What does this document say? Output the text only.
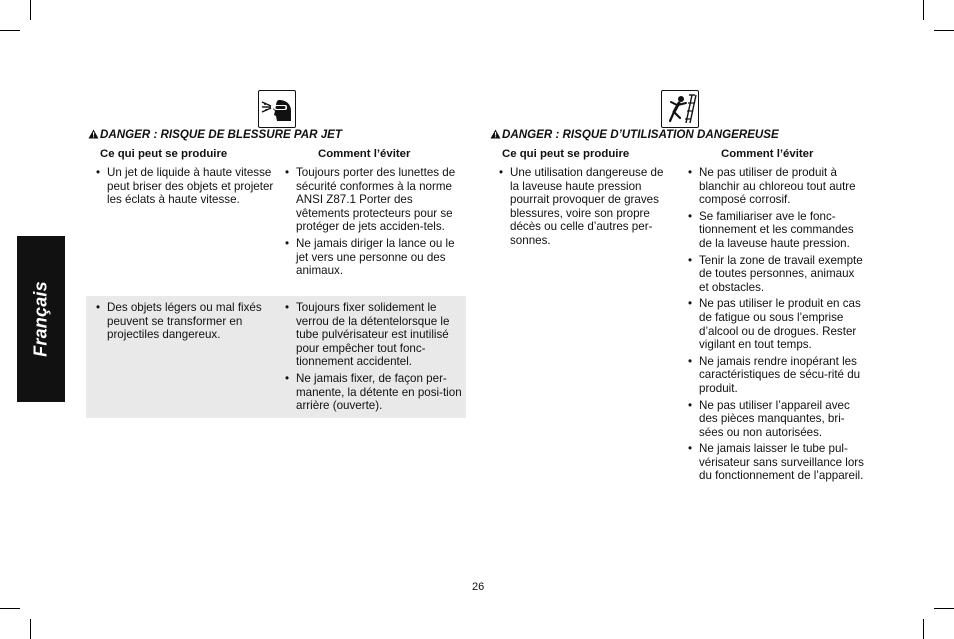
Français
DANGER : RISQUE DE BLESSURE PAR JET
Ce qui peut se produire	Comment l’éviter
• Un jet de liquide à haute vitesse peut briser des objets et projeter les éclats à haute vitesse.
• Toujours porter des lunettes de sécurité conformes à la norme ANSI Z87.1 Porter des vêtements protecteurs pour se protéger de jets acciden-tels.
• Ne jamais diriger la lance ou le jet vers une personne ou des animaux.
• Des objets légers ou mal fixés peuvent se transformer en projectiles dangereux.
• Toujours fixer solidement le verrou de la détentelorsque le tube pulvérisateur est inutilisé pour empêcher tout fonc-tionnement accidentel.
• Ne jamais fixer, de façon per-manente, la détente en posi-tion arrière (ouverte).
DANGER : RISQUE D’UTILISATION DANGEREUSE
Ce qui peut se produire	Comment l’éviter
• Une utilisation dangereuse de la laveuse haute pression pourrait provoquer de graves blessures, voire son propre décès ou celle d’autres per-sonnes.
• Ne pas utiliser de produit à blanchir au chloreou tout autre composé corrosif.
• Se familiariser ave le fonc-tionnement et les commandes de la laveuse haute pression.
• Tenir la zone de travail exempte de toutes personnes, animaux et obstacles.
• Ne pas utiliser le produit en cas de fatigue ou sous l’emprise d’alcool ou de drogues. Rester vigilant en tout temps.
• Ne jamais rendre inopérant les caractéristiques de sécu-rité du produit.
• Ne pas utiliser l’appareil avec des pièces manquantes, bri-sées ou non autorisées.
• Ne jamais laisser le tube pul-vérisateur sans surveillance lors du fonctionnement de l’appareil.
26
